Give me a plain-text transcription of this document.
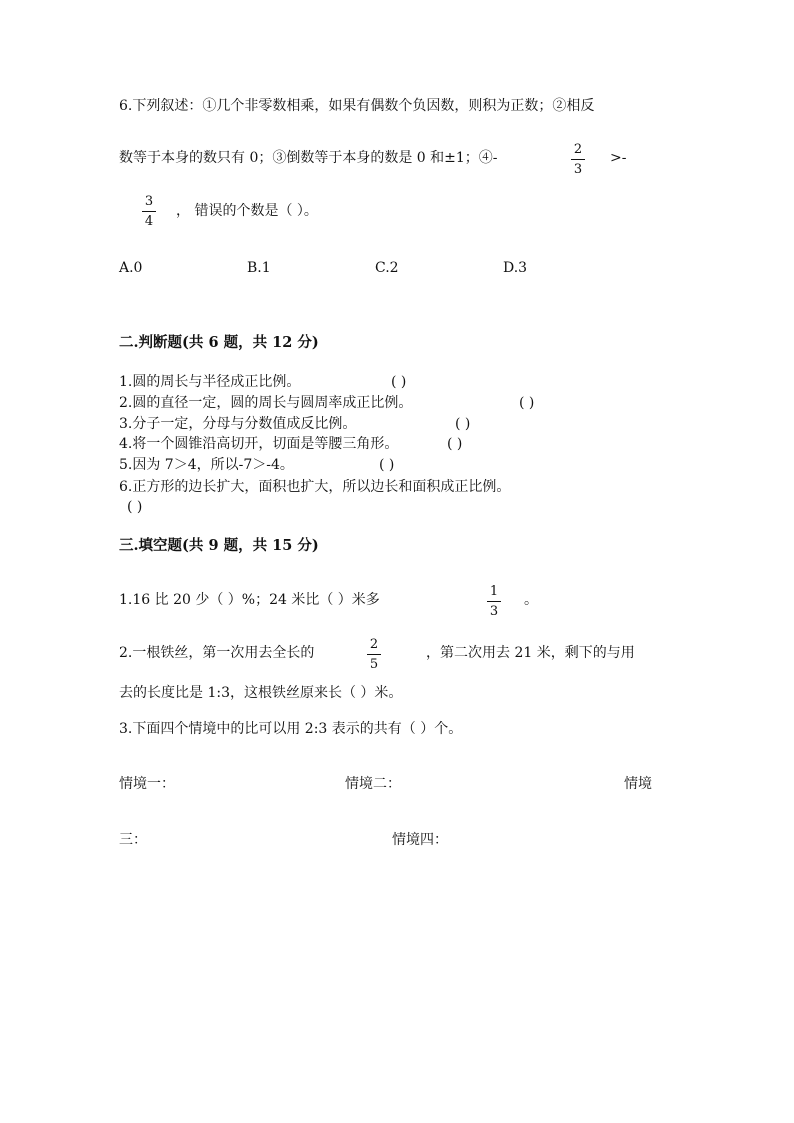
6.下列叙述：①几个非零数相乘，如果有偶数个负因数，则积为正数；②相反
数等于本身的数只有 0；③倒数等于本身的数是 0 和±1；④-
2
3
>-
3
4
， 错误的个数是（ ）。
A.0	B.1	C.2	D.3
二.判断题(共 6 题，共 12 分)
1.圆的周长与半径成正比例。	( )
2.圆的直径一定，圆的周长与圆周率成正比例。	( )
3.分子一定，分母与分数值成反比例。	( )
4.将一个圆锥沿高切开，切面是等腰三角形。	( )
5.因为 7＞4，所以-7＞-4。	( )
6.正方形的边长扩大，面积也扩大，所以边长和面积成正比例。
( )
三.填空题(共 9 题，共 15 分)
1.16 比 20 少（ ）%；24 米比（ ）米多
1
3
。
2.一根铁丝，第一次用去全长的
2
5
，第二次用去 21 米，剩下的与用
去的长度比是 1:3，这根铁丝原来长（ ）米。
3.下面四个情境中的比可以用 2:3 表示的共有（ ）个。
情境一：	情境二：	情境
三：	情境四：
